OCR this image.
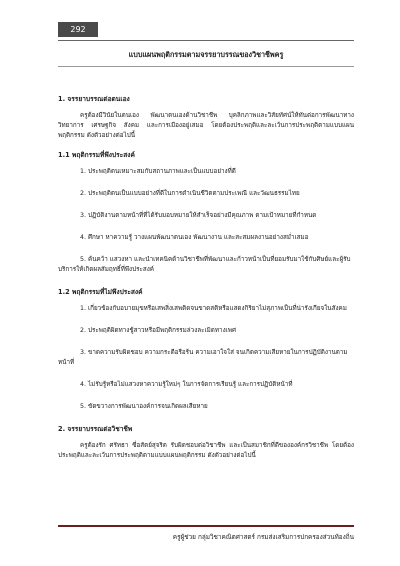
292
แบบแผนพฤติกรรมตามจรรยาบรรณของวิชาชีพครู
1. จรรยาบรรณต่อตนเอง
ครูต้องมีวินัยในตนเอง พัฒนาตนเองด้านวิชาชีพ บุคลิกภาพและวิสัยทัศน์ให้ทันต่อการพัฒนาทางวิทยาการ เศรษฐกิจ สังคม และการเมืองอยู่เสมอ โดยต้องประพฤติและละเว้นการประพฤติตามแบบแผนพฤติกรรม ดังตัวอย่างต่อไปนี้
1.1 พฤติกรรมที่พึงประสงค์
1. ประพฤติตนเหมาะสมกับสถานภาพและเป็นแบบอย่างที่ดี
2. ประพฤติตนเป็นแบบอย่างที่ดีในการดำเนินชีวิตตามประเพณี และวัฒนธรรมไทย
3. ปฏิบัติงานตามหน้าที่ที่ได้รับมอบหมายให้สำเร็จอย่างมีคุณภาพ ตามเป้าหมายที่กำหนด
4. ศึกษา หาความรู้ วางแผนพัฒนาตนเอง พัฒนางาน และสะสมผลงานอย่างสม่ำเสมอ
5. ค้นคว้า แสวงหา และนำเทคนิคด้านวิชาชีพที่พัฒนาและก้าวหน้าเป็นที่ยอมรับมาใช้กับศิษย์และผู้รับบริการให้เกิดผลสัมฤทธิ์ที่พึงประสงค์
1.2 พฤติกรรมที่ไม่พึงประสงค์
1. เกี่ยวข้องกับอบายมุขหรือเสพสิ่งเสพติดจนขาดสติหรือแสดงกิริยาไม่สุภาพเป็นที่น่ารังเกียจในสังคม
2. ประพฤติผิดทางชู้สาวหรือมีพฤติกรรมล่วงละเมิดทางเพศ
3. ขาดความรับผิดชอบ ความกระตือรือร้น ความเอาใจใส่ จนเกิดความเสียหายในการปฏิบัติงานตามหน้าที่
4. ไม่รับรู้หรือไม่แสวงหาความรู้ใหม่ๆ ในการจัดการเรียนรู้ และการปฏิบัติหน้าที่
5. ขัดขวางการพัฒนาองค์การจนเกิดผลเสียหาย
2. จรรยาบรรณต่อวิชาชีพ
ครูต้องรัก ศรัทธา ซื่อสัตย์สุจริต รับผิดชอบต่อวิชาชีพ และเป็นสมาชิกที่ดีขององค์กรวิชาชีพ โดยต้องประพฤติและละเว้นการประพฤติตามแบบแผนพฤติกรรม ดังตัวอย่างต่อไปนี้
ครูผู้ช่วย กลุ่มวิชาคณิตศาสตร์ กรมส่งเสริมการปกครองส่วนท้องถิ่น
